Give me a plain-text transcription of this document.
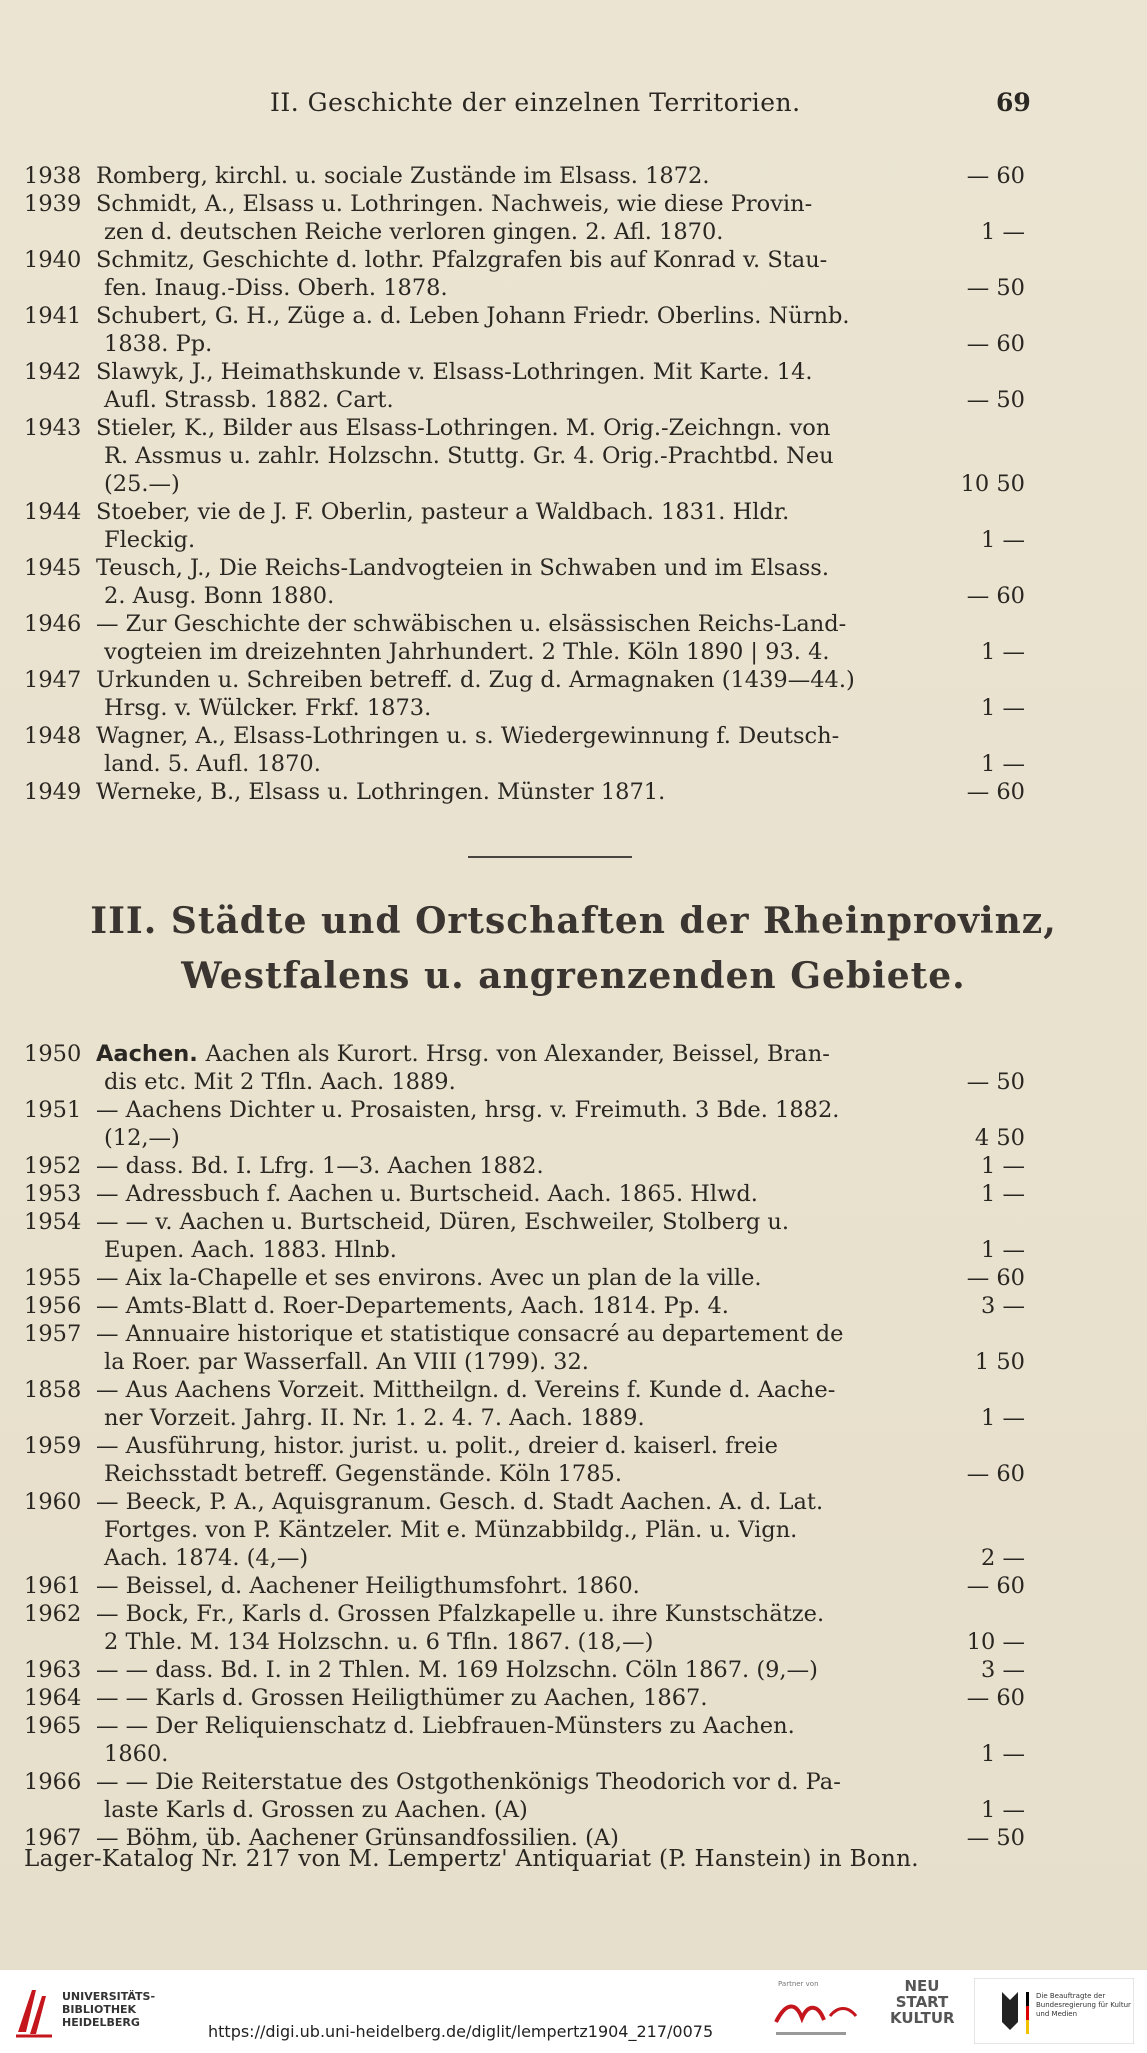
II. Geschichte der einzelnen Territorien.	69
1938 Romberg, kirchl. u. sociale Zustände im Elsass. 1872.	— 60
1939 Schmidt, A., Elsass u. Lothringen. Nachweis, wie diese Provin-
zen d. deutschen Reiche verloren gingen. 2. Afl. 1870.	1 —
1940 Schmitz, Geschichte d. lothr. Pfalzgrafen bis auf Konrad v. Stau-
fen. Inaug.-Diss. Oberh. 1878.	— 50
1941 Schubert, G. H., Züge a. d. Leben Johann Friedr. Oberlins. Nürnb.
1838. Pp.	— 60
1942 Slawyk, J., Heimathskunde v. Elsass-Lothringen. Mit Karte. 14.
Aufl. Strassb. 1882. Cart.	— 50
1943 Stieler, K., Bilder aus Elsass-Lothringen. M. Orig.-Zeichngn. von
R. Assmus u. zahlr. Holzschn. Stuttg. Gr. 4. Orig.-Prachtbd. Neu
(25.—)	10 50
1944 Stoeber, vie de J. F. Oberlin, pasteur a Waldbach. 1831. Hldr.
Fleckig.	1 —
1945 Teusch, J., Die Reichs-Landvogteien in Schwaben und im Elsass.
2. Ausg. Bonn 1880.	— 60
1946 — Zur Geschichte der schwäbischen u. elsässischen Reichs-Land-
vogteien im dreizehnten Jahrhundert. 2 Thle. Köln 1890 | 93. 4.	1 —
1947 Urkunden u. Schreiben betreff. d. Zug d. Armagnaken (1439—44.)
Hrsg. v. Wülcker. Frkf. 1873.	1 —
1948 Wagner, A., Elsass-Lothringen u. s. Wiedergewinnung f. Deutsch-
land. 5. Aufl. 1870.	1 —
1949 Werneke, B., Elsass u. Lothringen. Münster 1871.	— 60
III. Städte und Ortschaften der Rheinprovinz,
Westfalens u. angrenzenden Gebiete.
1950 Aachen. Aachen als Kurort. Hrsg. von Alexander, Beissel, Bran-
dis etc. Mit 2 Tfln. Aach. 1889.	— 50
1951 — Aachens Dichter u. Prosaisten, hrsg. v. Freimuth. 3 Bde. 1882.
(12,—)	4 50
1952 — dass. Bd. I. Lfrg. 1—3. Aachen 1882.	1 —
1953 — Adressbuch f. Aachen u. Burtscheid. Aach. 1865. Hlwd.	1 —
1954 — — v. Aachen u. Burtscheid, Düren, Eschweiler, Stolberg u.
Eupen. Aach. 1883. Hlnb.	1 —
1955 — Aix la-Chapelle et ses environs. Avec un plan de la ville.	— 60
1956 — Amts-Blatt d. Roer-Departements, Aach. 1814. Pp. 4.	3 —
1957 — Annuaire historique et statistique consacré au departement de
la Roer. par Wasserfall. An VIII (1799). 32.	1 50
1858 — Aus Aachens Vorzeit. Mittheilgn. d. Vereins f. Kunde d. Aache-
ner Vorzeit. Jahrg. II. Nr. 1. 2. 4. 7. Aach. 1889.	1 —
1959 — Ausführung, histor. jurist. u. polit., dreier d. kaiserl. freie
Reichsstadt betreff. Gegenstände. Köln 1785.	— 60
1960 — Beeck, P. A., Aquisgranum. Gesch. d. Stadt Aachen. A. d. Lat.
Fortges. von P. Käntzeler. Mit e. Münzabbildg., Plän. u. Vign.
Aach. 1874. (4,—)	2 —
1961 — Beissel, d. Aachener Heiligthumsfohrt. 1860.	— 60
1962 — Bock, Fr., Karls d. Grossen Pfalzkapelle u. ihre Kunstschätze.
2 Thle. M. 134 Holzschn. u. 6 Tfln. 1867. (18,—)	10 —
1963 — — dass. Bd. I. in 2 Thlen. M. 169 Holzschn. Cöln 1867. (9,—)	3 —
1964 — — Karls d. Grossen Heiligthümer zu Aachen, 1867.	— 60
1965 — — Der Reliquienschatz d. Liebfrauen-Münsters zu Aachen.
1860.	1 —
1966 — — Die Reiterstatue des Ostgothenkönigs Theodorich vor d. Pa-
laste Karls d. Grossen zu Aachen. (A)	1 —
1967 — Böhm, üb. Aachener Grünsandfossilien. (A)	— 50
Lager-Katalog Nr. 217 von M. Lempertz' Antiquariat (P. Hanstein) in Bonn.
UNIVERSITÄTS-
BIBLIOTHEK
HEIDELBERG	https://digi.ub.uni-heidelberg.de/diglit/lempertz1904_217/0075
Partner von	NEU
START
KULTUR
Die Beauftragte der Bundesregierung für Kultur und Medien
